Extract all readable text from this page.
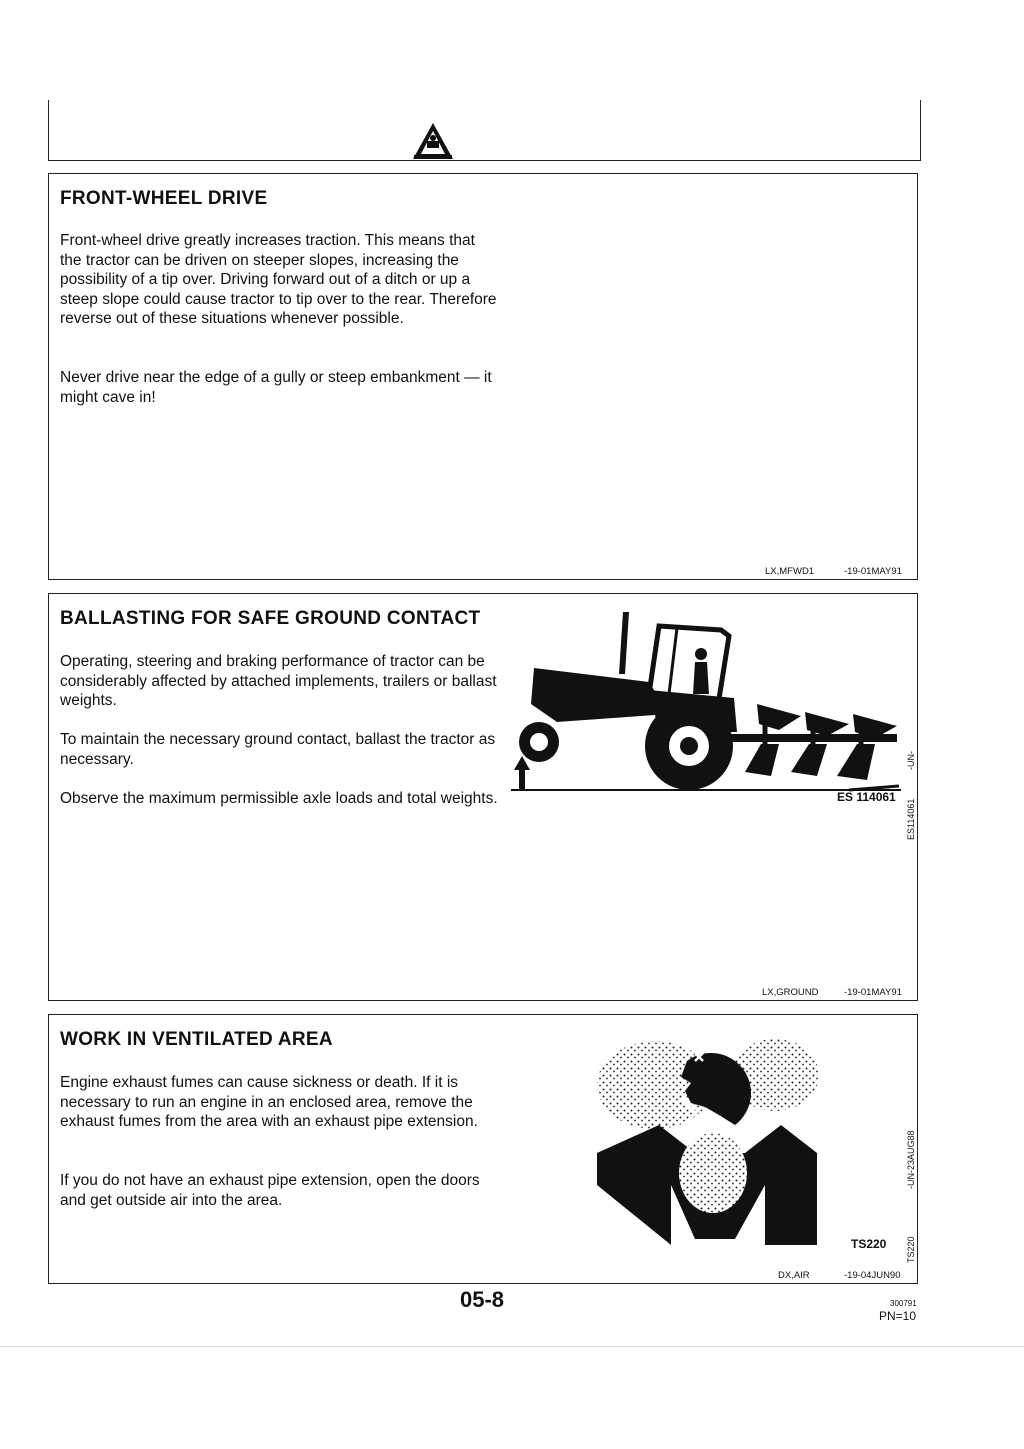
FRONT-WHEEL DRIVE
Front-wheel drive greatly increases traction. This means that the tractor can be driven on steeper slopes, increasing the possibility of a tip over. Driving forward out of a ditch or up a steep slope could cause tractor to tip over to the rear. Therefore reverse out of these situations whenever possible.
Never drive near the edge of a gully or steep embankment — it might cave in!
LX,MFWD1	-19-01MAY91
BALLASTING FOR SAFE GROUND CONTACT
Operating, steering and braking performance of tractor can be considerably affected by attached implements, trailers or ballast weights.
To maintain the necessary ground contact, ballast the tractor as necessary.
Observe the maximum permissible axle loads and total weights.	ES 114061
-UN-
ES114061
LX,GROUND	-19-01MAY91
WORK IN VENTILATED AREA
Engine exhaust fumes can cause sickness or death. If it is necessary to run an engine in an enclosed area, remove the exhaust fumes from the area with an exhaust pipe extension.
If you do not have an exhaust pipe extension, open the doors and get outside air into the area.
TS220
-UN-23AUG88
TS220
DX,AIR	-19-04JUN90
05-8	300791
PN=10
